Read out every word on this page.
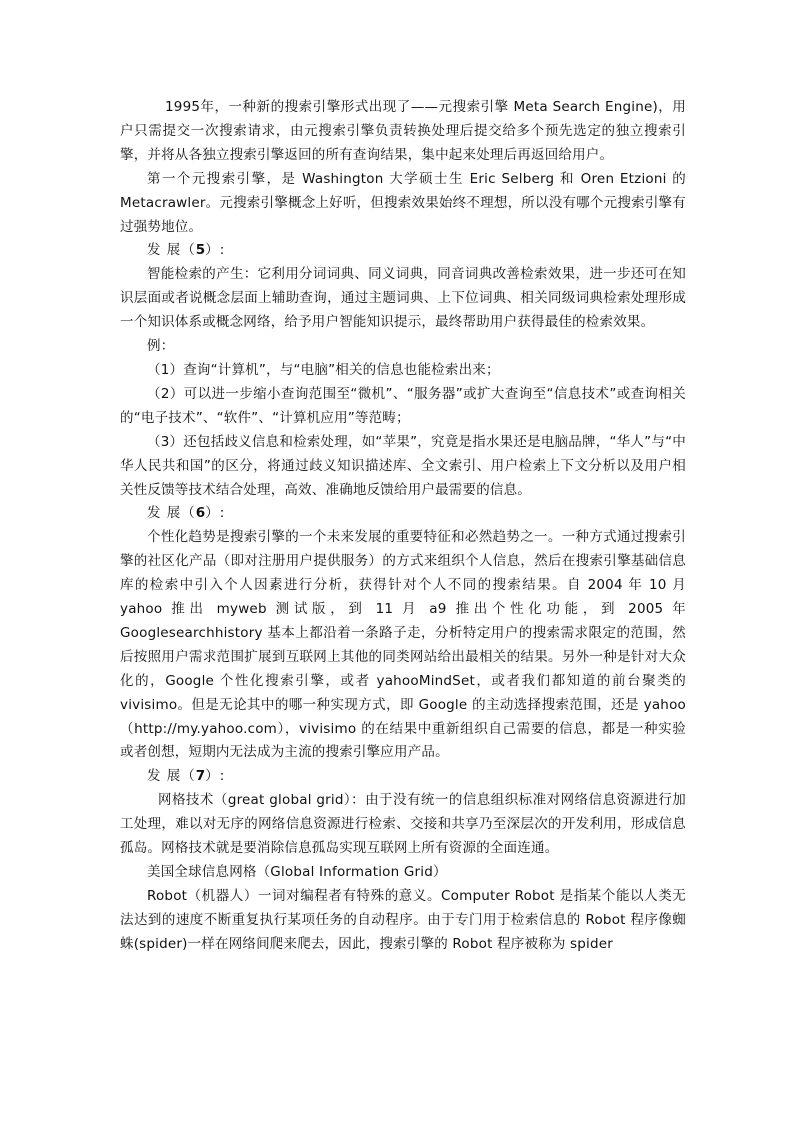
1995年，一种新的搜索引擎形式出现了——元搜索引擎 Meta Search Engine)，用户只需提交一次搜索请求，由元搜索引擎负责转换处理后提交给多个预先选定的独立搜索引擎，并将从各独立搜索引擎返回的所有查询结果，集中起来处理后再返回给用户。

第一个元搜索引擎，是 Washington 大学硕士生 Eric Selberg 和 Oren Etzioni 的 Metacrawler。元搜索引擎概念上好听，但搜索效果始终不理想，所以没有哪个元搜索引擎有过强势地位。

发 展（5）:

智能检索的产生：它利用分词词典、同义词典，同音词典改善检索效果，进一步还可在知识层面或者说概念层面上辅助查询，通过主题词典、上下位词典、相关同级词典检索处理形成一个知识体系或概念网络，给予用户智能知识提示，最终帮助用户获得最佳的检索效果。

例：

（1）查询“计算机”，与“电脑”相关的信息也能检索出来；

（2）可以进一步缩小查询范围至“微机”、“服务器”或扩大查询至“信息技术”或查询相关的“电子技术”、“软件”、“计算机应用”等范畴；

（3）还包括歧义信息和检索处理，如“苹果”，究竟是指水果还是电脑品牌，“华人”与“中华人民共和国”的区分，将通过歧义知识描述库、全文索引、用户检索上下文分析以及用户相关性反馈等技术结合处理，高效、准确地反馈给用户最需要的信息。

发 展（6）:

个性化趋势是搜索引擎的一个未来发展的重要特征和必然趋势之一。一种方式通过搜索引擎的社区化产品（即对注册用户提供服务）的方式来组织个人信息，然后在搜索引擎基础信息库的检索中引入个人因素进行分析，获得针对个人不同的搜索结果。自 2004 年 10 月 yahoo 推出 myweb 测试版，到 11 月 a9 推出个性化功能，到 2005 年 Googlesearchhistory 基本上都沿着一条路子走，分析特定用户的搜索需求限定的范围，然后按照用户需求范围扩展到互联网上其他的同类网站给出最相关的结果。另外一种是针对大众化的，Google 个性化搜索引擎，或者 yahooMindSet，或者我们都知道的前台聚类的 vivisimo。但是无论其中的哪一种实现方式，即 Google 的主动选择搜索范围，还是 yahoo（http://my.yahoo.com），vivisimo 的在结果中重新组织自己需要的信息，都是一种实验或者创想，短期内无法成为主流的搜索引擎应用产品。

发 展（7）:

网格技术（great global grid）：由于没有统一的信息组织标准对网络信息资源进行加工处理，难以对无序的网络信息资源进行检索、交接和共享乃至深层次的开发利用，形成信息孤岛。网格技术就是要消除信息孤岛实现互联网上所有资源的全面连通。

美国全球信息网格（Global Information Grid）

Robot（机器人）一词对编程者有特殊的意义。Computer Robot 是指某个能以人类无法达到的速度不断重复执行某项任务的自动程序。由于专门用于检索信息的 Robot 程序像蜘蛛(spider)一样在网络间爬来爬去，因此，搜索引擎的 Robot 程序被称为 spider
